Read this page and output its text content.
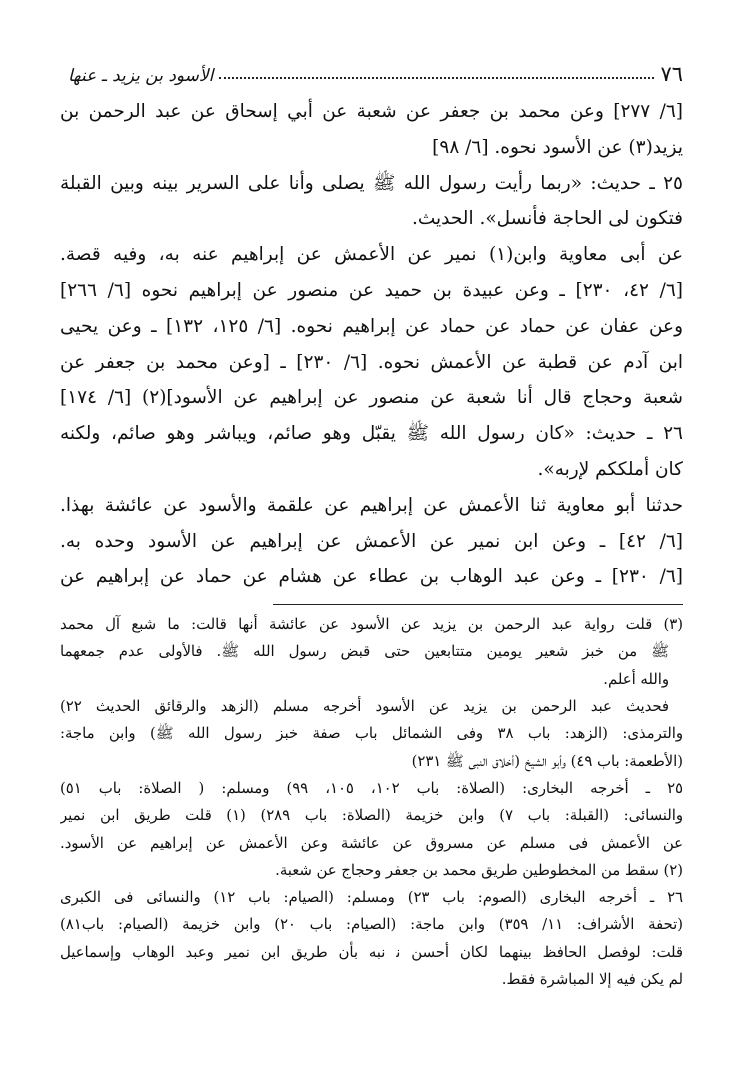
٧٦
الأسود بن يزيد ـ عنها
[٦/ ٢٧٧] وعن محمد بن جعفر عن شعبة عن أبي إسحاق عن عبد الرحمن بن
يزيد(٣) عن الأسود نحوه. [٦/ ٩٨]
٢٥ ـ حديث: «ربما رأيت رسول الله ﷺ يصلى وأنا على السرير بينه وبين القبلة
فتكون لى الحاجة فأنسل». الحديث.
عن أبى معاوية وابن(١) نمير عن الأعمش عن إبراهيم عنه به، وفيه قصة.
[٦/ ٤٢، ٢٣٠] ـ وعن عبيدة بن حميد عن منصور عن إبراهيم نحوه [٦/ ٢٦٦]
وعن عفان عن حماد عن حماد عن إبراهيم نحوه. [٦/ ١٢٥، ١٣٢] ـ وعن يحيى
ابن آدم عن قطبة عن الأعمش نحوه. [٦/ ٢٣٠] ـ [وعن محمد بن جعفر عن
شعبة وحجاج قال أنا شعبة عن منصور عن إبراهيم عن الأسود](٢) [٦/ ١٧٤]
٢٦ ـ حديث: «كان رسول الله ﷺ يقبّل وهو صائم، ويباشر وهو صائم، ولكنه
كان أملككم لإربه».
حدثنا أبو معاوية ثنا الأعمش عن إبراهيم عن علقمة والأسود عن عائشة بهذا.
[٦/ ٤٢] ـ وعن ابن نمير عن الأعمش عن إبراهيم عن الأسود وحده به.
[٦/ ٢٣٠] ـ وعن عبد الوهاب بن عطاء عن هشام عن حماد عن إبراهيم عن
(٣) قلت رواية عبد الرحمن بن يزيد عن الأسود عن عائشة أنها قالت: ما شبع آل محمد
ﷺ من خبز شعير يومين متتابعين حتى قبض رسول الله ﷺ. فالأولى عدم جمعهما
والله أعلم.
فحديث عبد الرحمن بن يزيد عن الأسود أخرجه مسلم (الزهد والرقائق الحديث ٢٢)
والترمذى: (الزهد: باب ٣٨ وفى الشمائل باب صفة خبز رسول الله ﷺ) وابن ماجة:
(الأطعمة: باب ٤٩) وأبو الشيخ (أخلاق النبى ﷺ ٢٣١)
٢٥ ـ أخرجه البخارى: (الصلاة: باب ١٠٢، ١٠٥، ٩٩) ومسلم: ( الصلاة: باب ٥١)
والنسائى: (القبلة: باب ٧) وابن خزيمة (الصلاة: باب ٢٨٩) (١) قلت طريق ابن نمير
عن الأعمش فى مسلم عن مسروق عن عائشة وعن الأعمش عن إبراهيم عن الأسود.
(٢) سقط من المخطوطين طريق محمد بن جعفر وحجاج عن شعبة.
٢٦ ـ أخرجه البخارى (الصوم: باب ٢٣) ومسلم: (الصيام: باب ١٢) والنسائى فى الكبرى
(تحفة الأشراف: ١١/ ٣٥٩) وابن ماجة: (الصيام: باب ٢٠) وابن خزيمة (الصيام: باب٨١)
قلت: لوفصل الحافظ بينهما لكان أحسن ﻧ نبه بأن طريق ابن نمير وعبد الوهاب وإسماعيل
لم يكن فيه إلا المباشرة فقط.
